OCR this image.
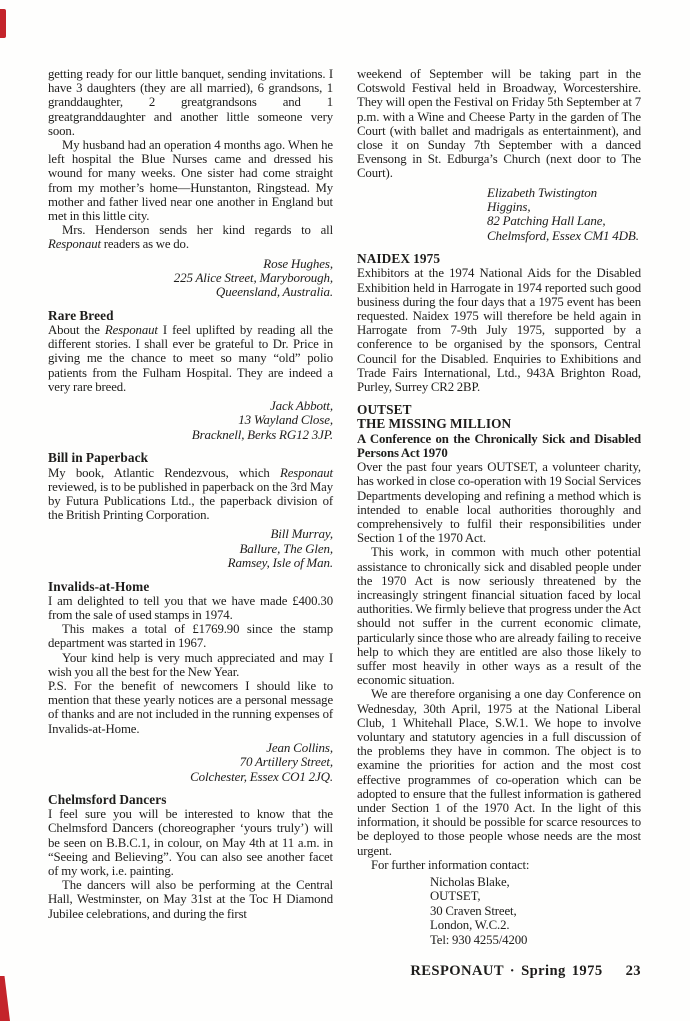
getting ready for our little banquet, sending invitations. I have 3 daughters (they are all married), 6 grandsons, 1 granddaughter, 2 greatgrandsons and 1 greatgranddaughter and another little someone very soon.

My husband had an operation 4 months ago. When he left hospital the Blue Nurses came and dressed his wound for many weeks. One sister had come straight from my mother’s home—Hunstanton, Ringstead. My mother and father lived near one another in England but met in this little city.

Mrs. Henderson sends her kind regards to all Responaut readers as we do.

Rose Hughes,
225 Alice Street, Maryborough,
Queensland, Australia.
Rare Breed

About the Responaut I feel uplifted by reading all the different stories. I shall ever be grateful to Dr. Price in giving me the chance to meet so many “old” polio patients from the Fulham Hospital. They are indeed a very rare breed.

Jack Abbott,
13 Wayland Close,
Bracknell, Berks RG12 3JP.
Bill in Paperback

My book, Atlantic Rendezvous, which Responaut reviewed, is to be published in paperback on the 3rd May by Futura Publications Ltd., the paperback division of the British Printing Corporation.

Bill Murray,
Ballure, The Glen,
Ramsey, Isle of Man.
Invalids-at-Home

I am delighted to tell you that we have made £400.30 from the sale of used stamps in 1974.

This makes a total of £1769.90 since the stamp department was started in 1967.

Your kind help is very much appreciated and may I wish you all the best for the New Year.

P.S. For the benefit of newcomers I should like to mention that these yearly notices are a personal message of thanks and are not included in the running expenses of Invalids-at-Home.

Jean Collins,
70 Artillery Street,
Colchester, Essex CO1 2JQ.
Chelmsford Dancers

I feel sure you will be interested to know that the Chelmsford Dancers (choreographer ‘yours truly’) will be seen on B.B.C.1, in colour, on May 4th at 11 a.m. in “Seeing and Believing”. You can also see another facet of my work, i.e. painting.

The dancers will also be performing at the Central Hall, Westminster, on May 31st at the Toc H Diamond Jubilee celebrations, and during the first

weekend of September will be taking part in the Cotswold Festival held in Broadway, Worcestershire. They will open the Festival on Friday 5th September at 7 p.m. with a Wine and Cheese Party in the garden of The Court (with ballet and madrigals as entertainment), and close it on Sunday 7th September with a danced Evensong in St. Edburga’s Church (next door to The Court).

Elizabeth Twistington Higgins,
82 Patching Hall Lane,
Chelmsford, Essex CM1 4DB.
NAIDEX 1975

Exhibitors at the 1974 National Aids for the Disabled Exhibition held in Harrogate in 1974 reported such good business during the four days that a 1975 event has been requested. Naidex 1975 will therefore be held again in Harrogate from 7-9th July 1975, supported by a conference to be organised by the sponsors, Central Council for the Disabled. Enquiries to Exhibitions and Trade Fairs International, Ltd., 943A Brighton Road, Purley, Surrey CR2 2BP.

OUTSET
THE MISSING MILLION

A Conference on the Chronically Sick and Disabled Persons Act 1970

Over the past four years OUTSET, a volunteer charity, has worked in close co-operation with 19 Social Services Departments developing and refining a method which is intended to enable local authorities thoroughly and comprehensively to fulfil their responsibilities under Section 1 of the 1970 Act.

This work, in common with much other potential assistance to chronically sick and disabled people under the 1970 Act is now seriously threatened by the increasingly stringent financial situation faced by local authorities. We firmly believe that progress under the Act should not suffer in the current economic climate, particularly since those who are already failing to receive help to which they are entitled are also those likely to suffer most heavily in other ways as a result of the economic situation.

We are therefore organising a one day Conference on Wednesday, 30th April, 1975 at the National Liberal Club, 1 Whitehall Place, S.W.1. We hope to involve voluntary and statutory agencies in a full discussion of the problems they have in common. The object is to examine the priorities for action and the most cost effective programmes of co-operation which can be adopted to ensure that the fullest information is gathered under Section 1 of the 1970 Act. In the light of this information, it should be possible for scarce resources to be deployed to those people whose needs are the most urgent.

For further information contact:

Nicholas Blake,
OUTSET,
30 Craven Street,
London, W.C.2.
Tel: 930 4255/4200
RESPONAUT · Spring 1975 23
